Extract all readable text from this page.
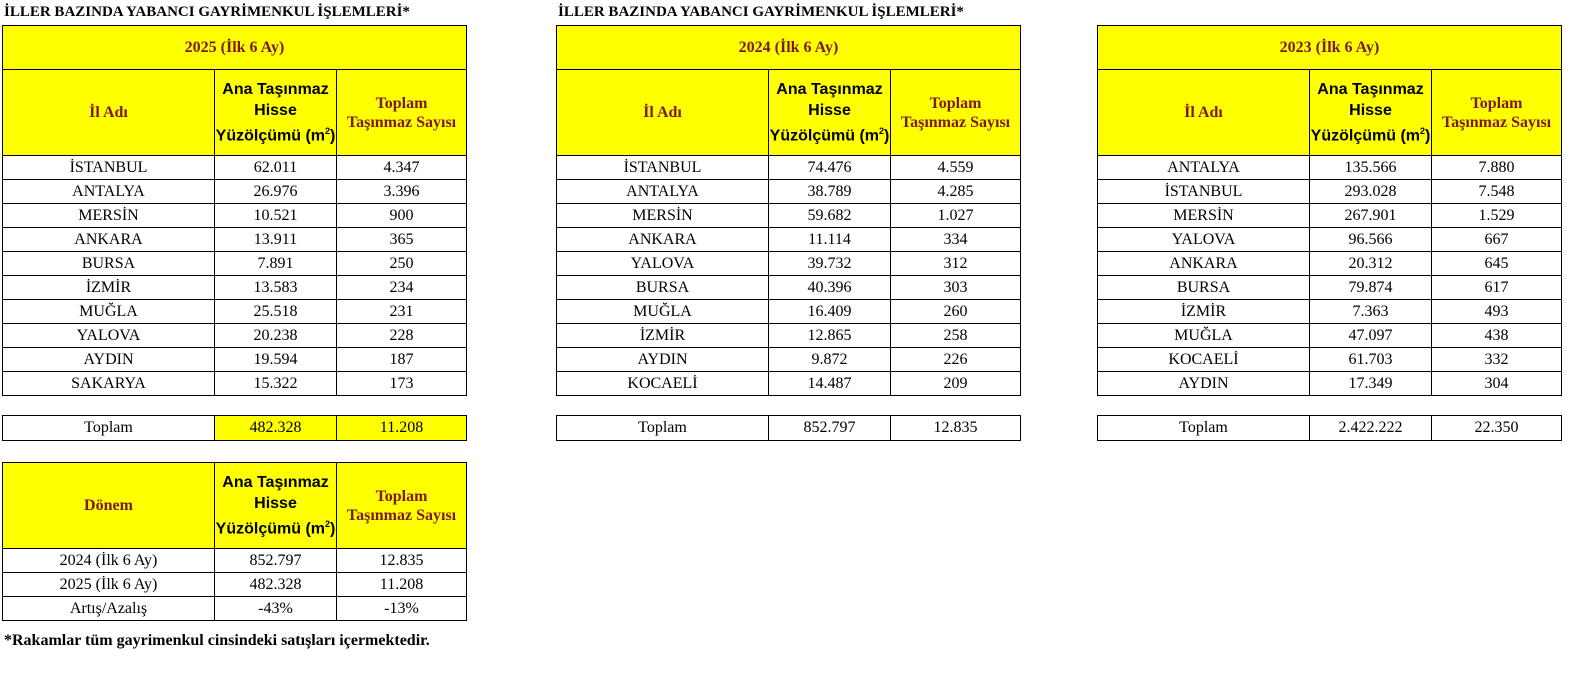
İLLER BAZINDA YABANCI GAYRİMENKUL İŞLEMLERİ*	İLLER BAZINDA YABANCI GAYRİMENKUL İŞLEMLERİ*
2025 (İlk 6 Ay)		
İl Adı	Ana Taşınmaz
Hisse
Yüzölçümü $(m^2)$	Toplam
Taşınmaz Sayısı
İSTANBUL	62.011	4.347
ANTALYA	26.976	3.396
MERSİN	10.521	900
ANKARA	13.911	365
BURSA	7.891	250
İZMİR	13.583	234
MUĞLA	25.518	231
YALOVA	20.238	228
AYDIN	19.594	187
SAKARYA	15.322	173
Toplam	482.328	11.208
2024 (İlk 6 Ay)		
İl Adı	Ana Taşınmaz
Hisse
Yüzölçümü $(m^2)$	Toplam
Taşınmaz Sayısı
İSTANBUL	74.476	4.559
ANTALYA	38.789	4.285
MERSİN	59.682	1.027
ANKARA	11.114	334
YALOVA	39.732	312
BURSA	40.396	303
MUĞLA	16.409	260
İZMİR	12.865	258
AYDIN	9.872	226
KOCAELİ	14.487	209
Toplam	852.797	12.835
2023 (İlk 6 Ay)		
İl Adı	Ana Taşınmaz
Hisse
Yüzölçümü $(m^2)$	Toplam
Taşınmaz Sayısı
ANTALYA	135.566	7.880
İSTANBUL	293.028	7.548
MERSİN	267.901	1.529
YALOVA	96.566	667
ANKARA	20.312	645
BURSA	79.874	617
İZMİR	7.363	493
MUĞLA	47.097	438
KOCAELİ	61.703	332
AYDIN	17.349	304
Toplam	2.422.222	22.350
Dönem	Ana Taşınmaz
Hisse
Yüzölçümü $(m^2)$	Toplam
Taşınmaz Sayısı
2024 (İlk 6 Ay)	852.797	12.835
2025 (İlk 6 Ay)	482.328	11.208
Artış/Azalış	-43%	-13%
*Rakamlar tüm gayrimenkul cinsindeki satışları içermektedir.
